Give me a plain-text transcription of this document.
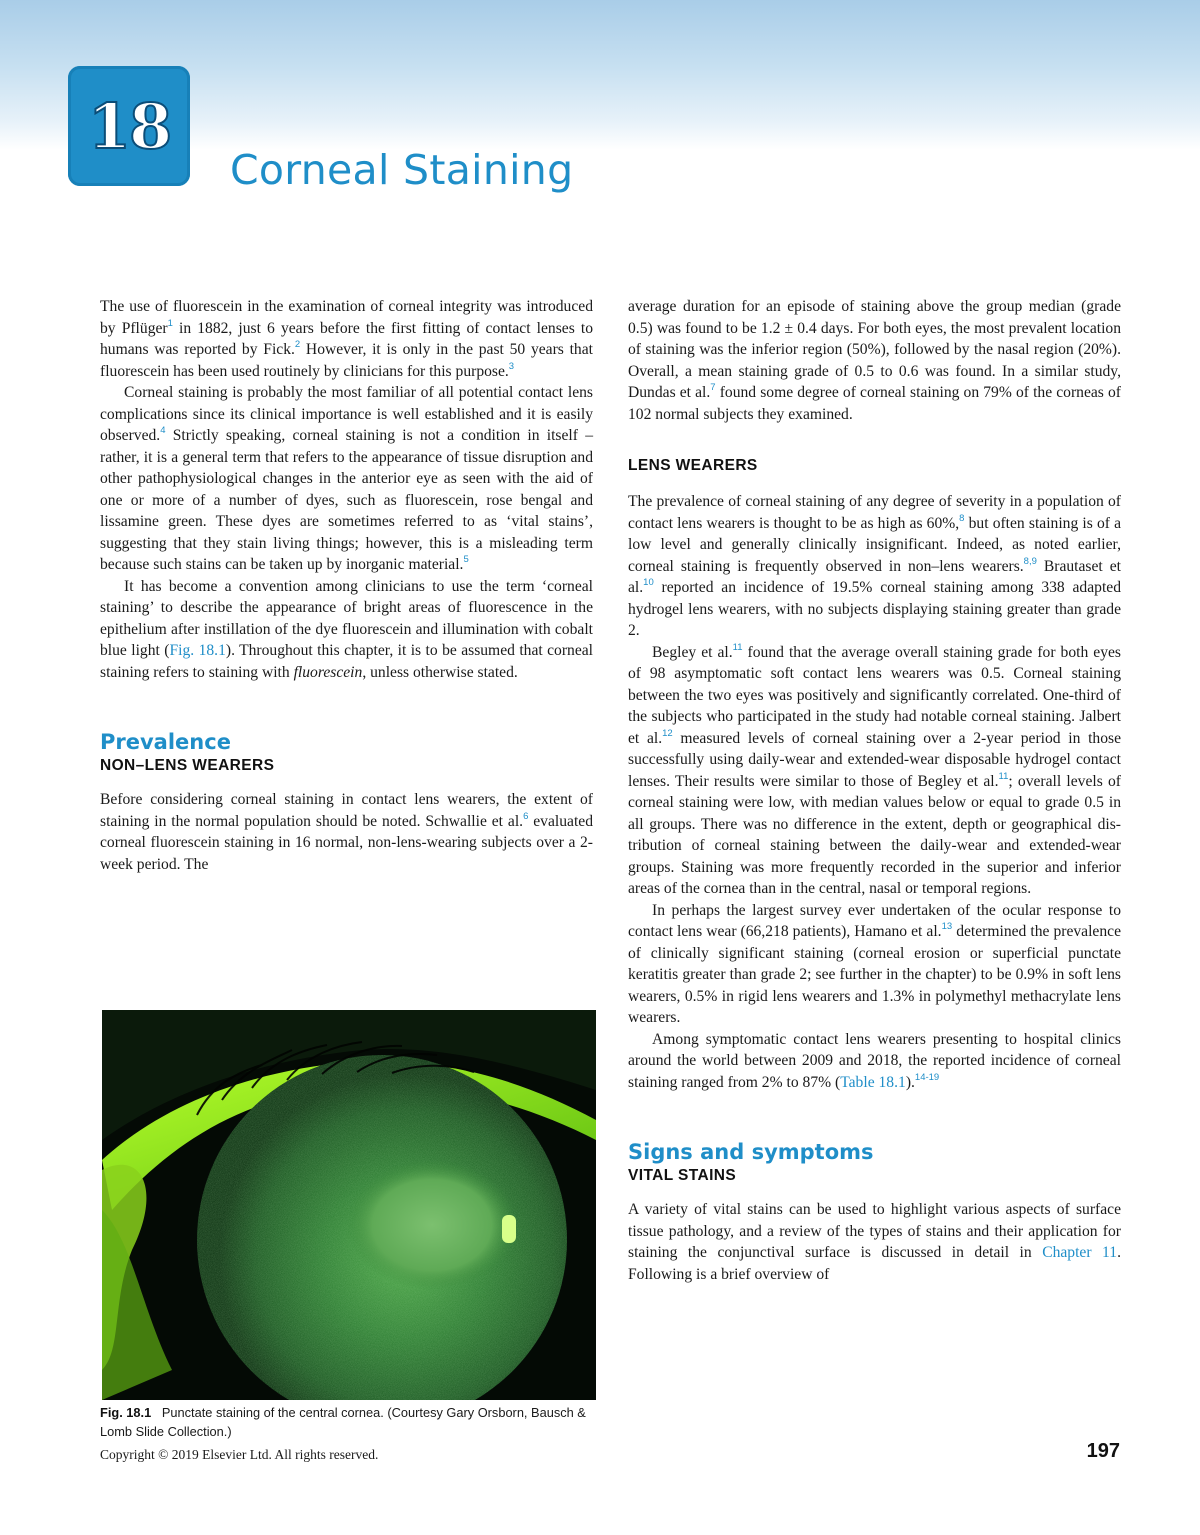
18
Corneal Staining

The use of fluorescein in the examination of corneal integrity was introduced by Pflüger$^1$ in 1882, just 6 years before the first fitting of contact lenses to humans was reported by Fick.$^2$ However, it is only in the past 50 years that fluorescein has been used routinely by clinicians for this purpose.$^3$

Corneal staining is probably the most familiar of all potential contact lens complications since its clinical importance is well established and it is easily observed.$^4$ Strictly speaking, corneal staining is not a condition in itself – rather, it is a general term that refers to the appearance of tissue disruption and other pathophysiological changes in the anterior eye as seen with the aid of one or more of a number of dyes, such as fluorescein, rose bengal and lissamine green. These dyes are sometimes referred to as ‘vital stains’, suggesting that they stain living things; however, this is a misleading term because such stains can be taken up by inorganic material.$^5$

It has become a convention among clinicians to use the term ‘corneal staining’ to describe the appearance of bright areas of fluorescence in the epithelium after instillation of the dye fluorescein and illumination with cobalt blue light (Fig. 18.1). Throughout this chapter, it is to be assumed that corneal staining refers to staining with fluorescein, unless otherwise stated.

Prevalence
NON–LENS WEARERS

Before considering corneal staining in contact lens wearers, the extent of staining in the normal population should be noted. Schwallie et al.$^6$ evaluated corneal fluorescein staining in 16 normal, non-lens-wearing subjects over a 2-week period. The

Fig. 18.1 Punctate staining of the central cornea. (Courtesy Gary Orsborn, Bausch & Lomb Slide Collection.)

average duration for an episode of staining above the group median (grade 0.5) was found to be 1.2 ± 0.4 days. For both eyes, the most prevalent location of staining was the inferior region (50%), followed by the nasal region (20%). Overall, a mean staining grade of 0.5 to 0.6 was found. In a similar study, Dundas et al.$^7$ found some degree of corneal staining on 79% of the corneas of 102 normal subjects they examined.

LENS WEARERS

The prevalence of corneal staining of any degree of severity in a population of contact lens wearers is thought to be as high as 60%,$^8$ but often staining is of a low level and generally clinically insignificant. Indeed, as noted earlier, corneal staining is frequently observed in non–lens wearers.$^{8,9}$ Brautaset et al.$^{10}$ reported an incidence of 19.5% corneal staining among 338 adapted hydrogel lens wearers, with no subjects displaying staining greater than grade 2.

Begley et al.$^{11}$ found that the average overall staining grade for both eyes of 98 asymptomatic soft contact lens wearers was 0.5. Corneal staining between the two eyes was positively and significantly correlated. One-third of the subjects who participated in the study had notable corneal staining. Jalbert et al.$^{12}$ measured levels of corneal staining over a 2-year period in those successfully using daily-wear and extended-wear disposable hydrogel contact lenses. Their results were similar to those of Begley et al.$^{11}$; overall levels of corneal staining were low, with median values below or equal to grade 0.5 in all groups. There was no difference in the extent, depth or geographical distribution of corneal staining between the daily-wear and extended-wear groups. Staining was more frequently recorded in the superior and inferior areas of the cornea than in the central, nasal or temporal regions.

In perhaps the largest survey ever undertaken of the ocular response to contact lens wear (66,218 patients), Hamano et al.$^{13}$ determined the prevalence of clinically significant staining (corneal erosion or superficial punctate keratitis greater than grade 2; see further in the chapter) to be 0.9% in soft lens wearers, 0.5% in rigid lens wearers and 1.3% in polymethyl methacrylate lens wearers.

Among symptomatic contact lens wearers presenting to hospital clinics around the world between 2009 and 2018, the reported incidence of corneal staining ranged from 2% to 87% (Table 18.1).$^{14-19}$

Signs and symptoms
VITAL STAINS

A variety of vital stains can be used to highlight various aspects of surface tissue pathology, and a review of the types of stains and their application for staining the conjunctival surface is discussed in detail in Chapter 11. Following is a brief overview of

Copyright © 2019 Elsevier Ltd. All rights reserved.	197
